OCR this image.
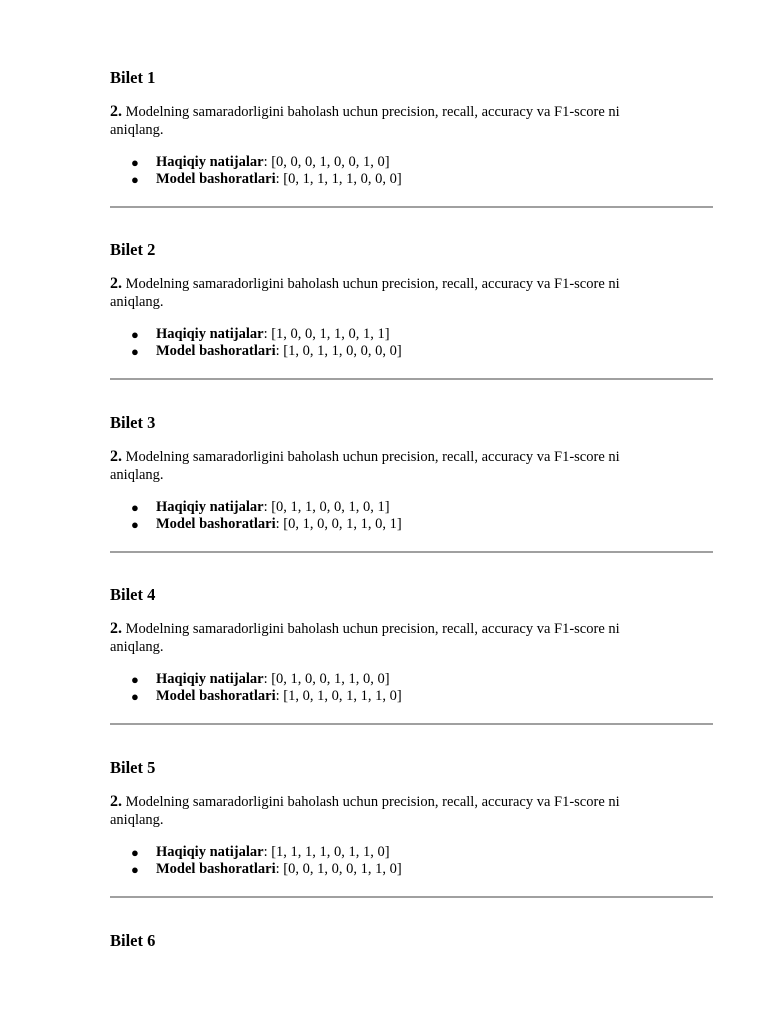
Bilet 1

2. Modelning samaradorligini baholash uchun precision, recall, accuracy va F1-score ni aniqlang.

● Haqiqiy natijalar: [0, 0, 0, 1, 0, 0, 1, 0]
● Model bashoratlari: [0, 1, 1, 1, 1, 0, 0, 0]
Bilet 2

2. Modelning samaradorligini baholash uchun precision, recall, accuracy va F1-score ni aniqlang.

● Haqiqiy natijalar: [1, 0, 0, 1, 1, 0, 1, 1]
● Model bashoratlari: [1, 0, 1, 1, 0, 0, 0, 0]
Bilet 3

2. Modelning samaradorligini baholash uchun precision, recall, accuracy va F1-score ni aniqlang.

● Haqiqiy natijalar: [0, 1, 1, 0, 0, 1, 0, 1]
● Model bashoratlari: [0, 1, 0, 0, 1, 1, 0, 1]
Bilet 4

2. Modelning samaradorligini baholash uchun precision, recall, accuracy va F1-score ni aniqlang.

● Haqiqiy natijalar: [0, 1, 0, 0, 1, 1, 0, 0]
● Model bashoratlari: [1, 0, 1, 0, 1, 1, 1, 0]
Bilet 5

2. Modelning samaradorligini baholash uchun precision, recall, accuracy va F1-score ni aniqlang.

● Haqiqiy natijalar: [1, 1, 1, 1, 0, 1, 1, 0]
● Model bashoratlari: [0, 0, 1, 0, 0, 1, 1, 0]
Bilet 6
